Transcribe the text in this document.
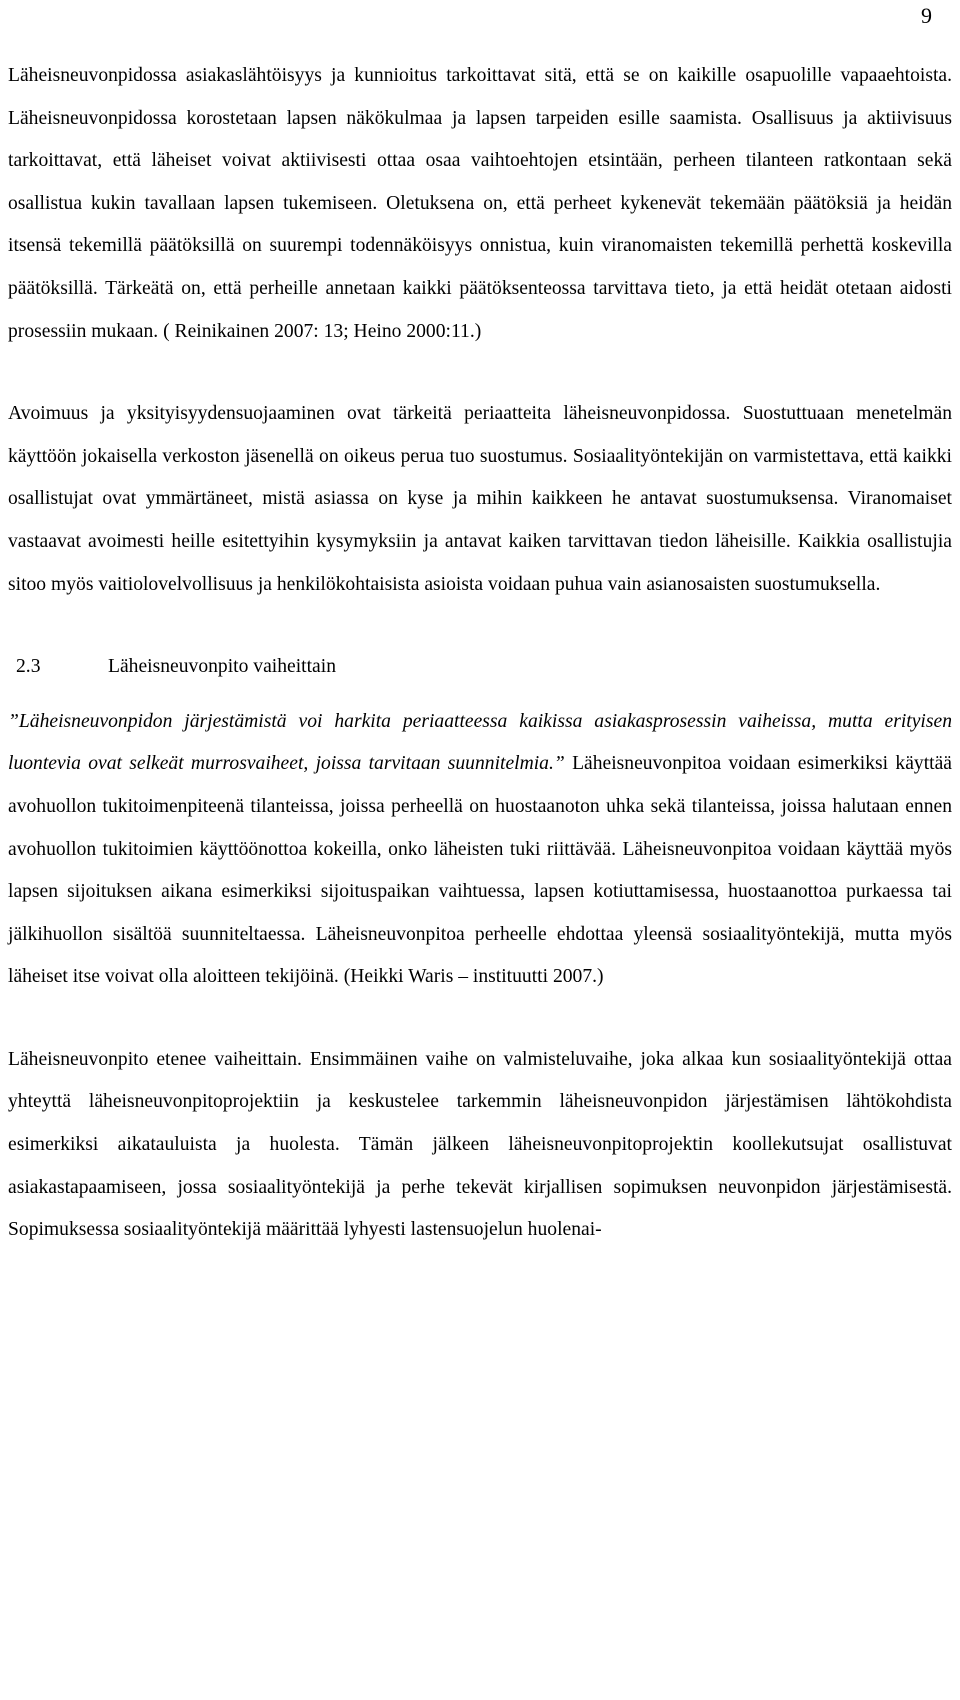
9

Läheisneuvonpidossa asiakaslähtöisyys ja kunnioitus tarkoittavat sitä, että se on kaikille osapuolille vapaaehtoista. Läheisneuvonpidossa korostetaan lapsen näkökulmaa ja lapsen tarpeiden esille saamista. Osallisuus ja aktiivisuus tarkoittavat, että läheiset voivat aktiivisesti ottaa osaa vaihtoehtojen etsintään, perheen tilanteen ratkontaan sekä osallistua kukin tavallaan lapsen tukemiseen. Oletuksena on, että perheet kykenevät tekemään päätöksiä ja heidän itsensä tekemillä päätöksillä on suurempi todennäköisyys onnistua, kuin viranomaisten tekemillä perhettä koskevilla päätöksillä. Tärkeätä on, että perheille annetaan kaikki päätöksenteossa tarvittava tieto, ja että heidät otetaan aidosti prosessiin mukaan. ( Reinikainen 2007: 13; Heino 2000:11.)

Avoimuus ja yksityisyydensuojaaminen ovat tärkeitä periaatteita läheisneuvonpidossa. Suostuttuaan menetelmän käyttöön jokaisella verkoston jäsenellä on oikeus perua tuo suostumus. Sosiaalityöntekijän on varmistettava, että kaikki osallistujat ovat ymmärtäneet, mistä asiassa on kyse ja mihin kaikkeen he antavat suostumuksensa. Viranomaiset vastaavat avoimesti heille esitettyihin kysymyksiin ja antavat kaiken tarvittavan tiedon läheisille. Kaikkia osallistujia sitoo myös vaitiolovelvollisuus ja henkilökohtaisista asioista voidaan puhua vain asianosaisten suostumuksella.

2.3	Läheisneuvonpito vaiheittain

”Läheisneuvonpidon järjestämistä voi harkita periaatteessa kaikissa asiakasprosessin vaiheissa, mutta erityisen luontevia ovat selkeät murrosvaiheet, joissa tarvitaan suunnitelmia.” Läheisneuvonpitoa voidaan esimerkiksi käyttää avohuollon tukitoimenpiteenä tilanteissa, joissa perheellä on huostaanoton uhka sekä tilanteissa, joissa halutaan ennen avohuollon tukitoimien käyttöönottoa kokeilla, onko läheisten tuki riittävää. Läheisneuvonpitoa voidaan käyttää myös lapsen sijoituksen aikana esimerkiksi sijoituspaikan vaihtuessa, lapsen kotiuttamisessa, huostaanottoa purkaessa tai jälkihuollon sisältöä suunniteltaessa. Läheisneuvonpitoa perheelle ehdottaa yleensä sosiaalityöntekijä, mutta myös läheiset itse voivat olla aloitteen tekijöinä. (Heikki Waris – instituutti 2007.)

Läheisneuvonpito etenee vaiheittain. Ensimmäinen vaihe on valmisteluvaihe, joka alkaa kun sosiaalityöntekijä ottaa yhteyttä läheisneuvonpitoprojektiin ja keskustelee tarkemmin läheisneuvonpidon järjestämisen lähtökohdista esimerkiksi aikatauluista ja huolesta. Tämän jälkeen läheisneuvonpitoprojektin koollekutsujat osallistuvat asiakastapaamiseen, jossa sosiaalityöntekijä ja perhe tekevät kirjallisen sopimuksen neuvonpidon järjestämisestä. Sopimuksessa sosiaalityöntekijä määrittää lyhyesti lastensuojelun huolenai-
